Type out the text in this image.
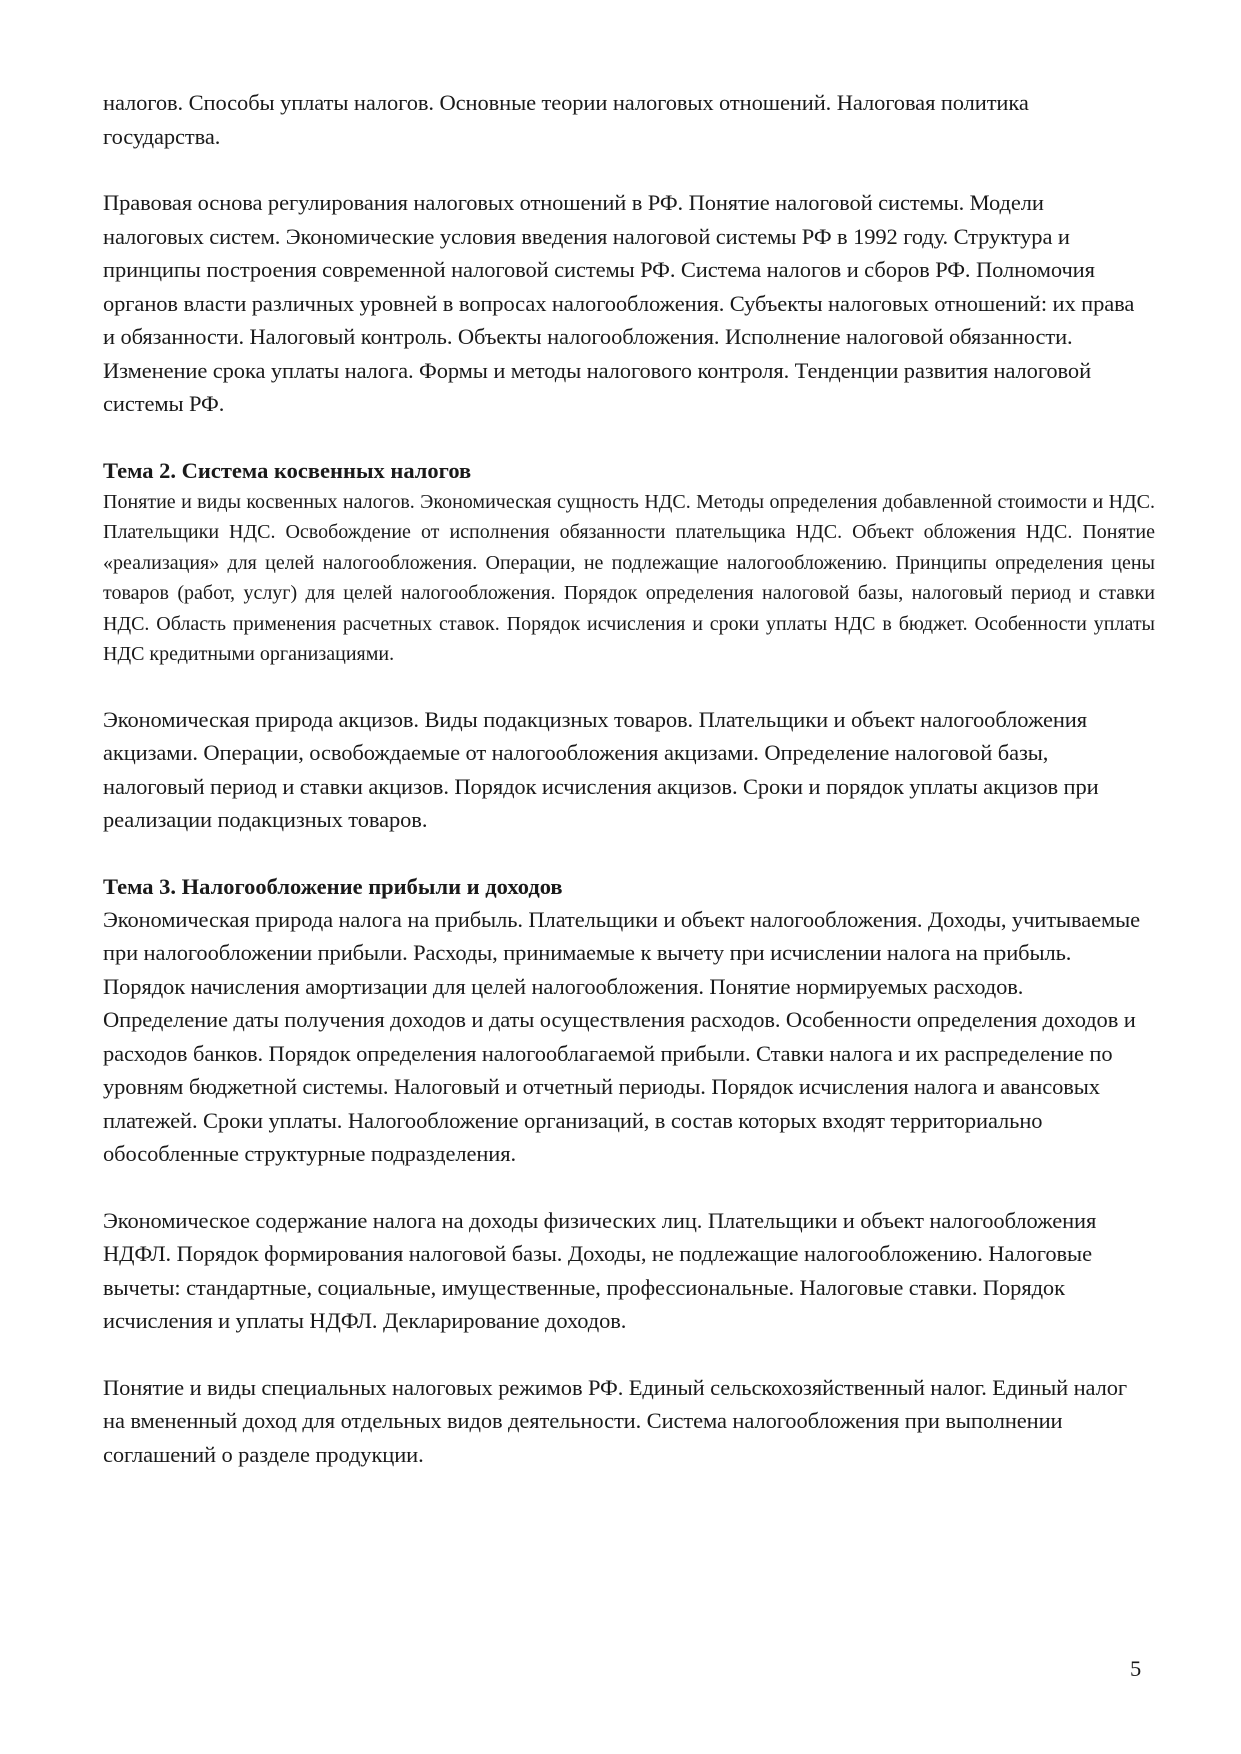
налогов. Способы уплаты налогов. Основные теории налоговых отношений. Налоговая политика государства.

Правовая основа регулирования налоговых отношений в РФ. Понятие налоговой системы. Модели налоговых систем. Экономические условия введения налоговой системы РФ в 1992 году. Структура и принципы построения современной налоговой системы РФ. Система налогов и сборов РФ. Полномочия органов власти различных уровней в вопросах налогообложения. Субъекты налоговых отношений: их права и обязанности. Налоговый контроль. Объекты налогообложения. Исполнение налоговой обязанности. Изменение срока уплаты налога. Формы и методы налогового контроля. Тенденции развития налоговой системы РФ.

Тема 2. Система косвенных налогов

Понятие и виды косвенных налогов. Экономическая сущность НДС. Методы определения добавленной стоимости и НДС. Плательщики НДС. Освобождение от исполнения обязанности плательщика НДС. Объект обложения НДС. Понятие «реализация» для целей налогообложения. Операции, не подлежащие налогообложению. Принципы определения цены товаров (работ, услуг) для целей налогообложения. Порядок определения налоговой базы, налоговый период и ставки НДС. Область применения расчетных ставок. Порядок исчисления и сроки уплаты НДС в бюджет. Особенности уплаты НДС кредитными организациями.

Экономическая природа акцизов. Виды подакцизных товаров. Плательщики и объект налогообложения акцизами. Операции, освобождаемые от налогообложения акцизами. Определение налоговой базы, налоговый период и ставки акцизов. Порядок исчисления акцизов. Сроки и порядок уплаты акцизов при реализации подакцизных товаров.

Тема 3. Налогообложение прибыли и доходов

Экономическая природа налога на прибыль. Плательщики и объект налогообложения. Доходы, учитываемые при налогообложении прибыли. Расходы, принимаемые к вычету при исчислении налога на прибыль. Порядок начисления амортизации для целей налогообложения. Понятие нормируемых расходов. Определение даты получения доходов и даты осуществления расходов. Особенности определения доходов и расходов банков. Порядок определения налогооблагаемой прибыли. Ставки налога и их распределение по уровням бюджетной системы. Налоговый и отчетный периоды. Порядок исчисления налога и авансовых платежей. Сроки уплаты. Налогообложение организаций, в состав которых входят территориально обособленные структурные подразделения.

Экономическое содержание налога на доходы физических лиц. Плательщики и объект налогообложения НДФЛ. Порядок формирования налоговой базы. Доходы, не подлежащие налогообложению. Налоговые вычеты: стандартные, социальные, имущественные, профессиональные. Налоговые ставки. Порядок исчисления и уплаты НДФЛ. Декларирование доходов.

Понятие и виды специальных налоговых режимов РФ. Единый сельскохозяйственный налог. Единый налог на вмененный доход для отдельных видов деятельности. Система налогообложения при выполнении соглашений о разделе продукции.

5
